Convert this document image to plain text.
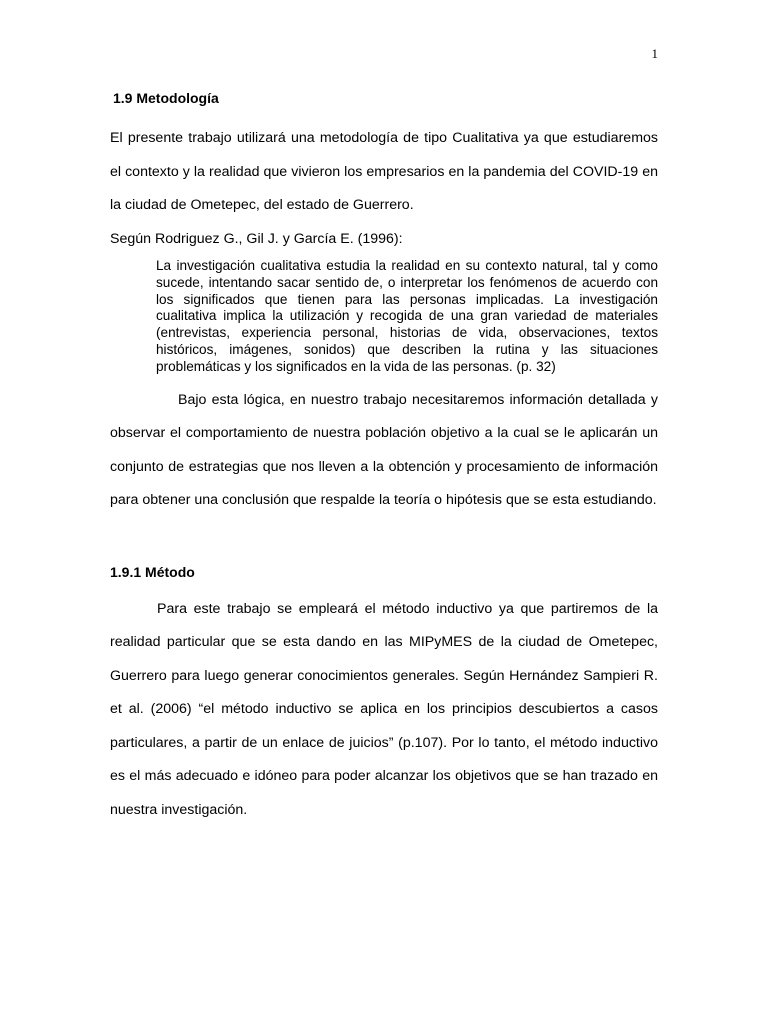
1

1.9 Metodología

El presente trabajo utilizará una metodología de tipo Cualitativa ya que estudiaremos el contexto y la realidad que vivieron los empresarios en la pandemia del COVID-19 en la ciudad de Ometepec, del estado de Guerrero.

Según Rodriguez G., Gil J. y García E. (1996):

La investigación cualitativa estudia la realidad en su contexto natural, tal y como sucede, intentando sacar sentido de, o interpretar los fenómenos de acuerdo con los significados que tienen para las personas implicadas. La investigación cualitativa implica la utilización y recogida de una gran variedad de materiales (entrevistas, experiencia personal, historias de vida, observaciones, textos históricos, imágenes, sonidos) que describen la rutina y las situaciones problemáticas y los significados en la vida de las personas. (p. 32)

Bajo esta lógica, en nuestro trabajo necesitaremos información detallada y observar el comportamiento de nuestra población objetivo a la cual se le aplicarán un conjunto de estrategias que nos lleven a la obtención y procesamiento de información para obtener una conclusión que respalde la teoría o hipótesis que se esta estudiando.

1.9.1 Método

Para este trabajo se empleará el método inductivo ya que partiremos de la realidad particular que se esta dando en las MIPyMES de la ciudad de Ometepec, Guerrero para luego generar conocimientos generales. Según Hernández Sampieri R. et al. (2006) “el método inductivo se aplica en los principios descubiertos a casos particulares, a partir de un enlace de juicios” (p.107). Por lo tanto, el método inductivo es el más adecuado e idóneo para poder alcanzar los objetivos que se han trazado en nuestra investigación.
